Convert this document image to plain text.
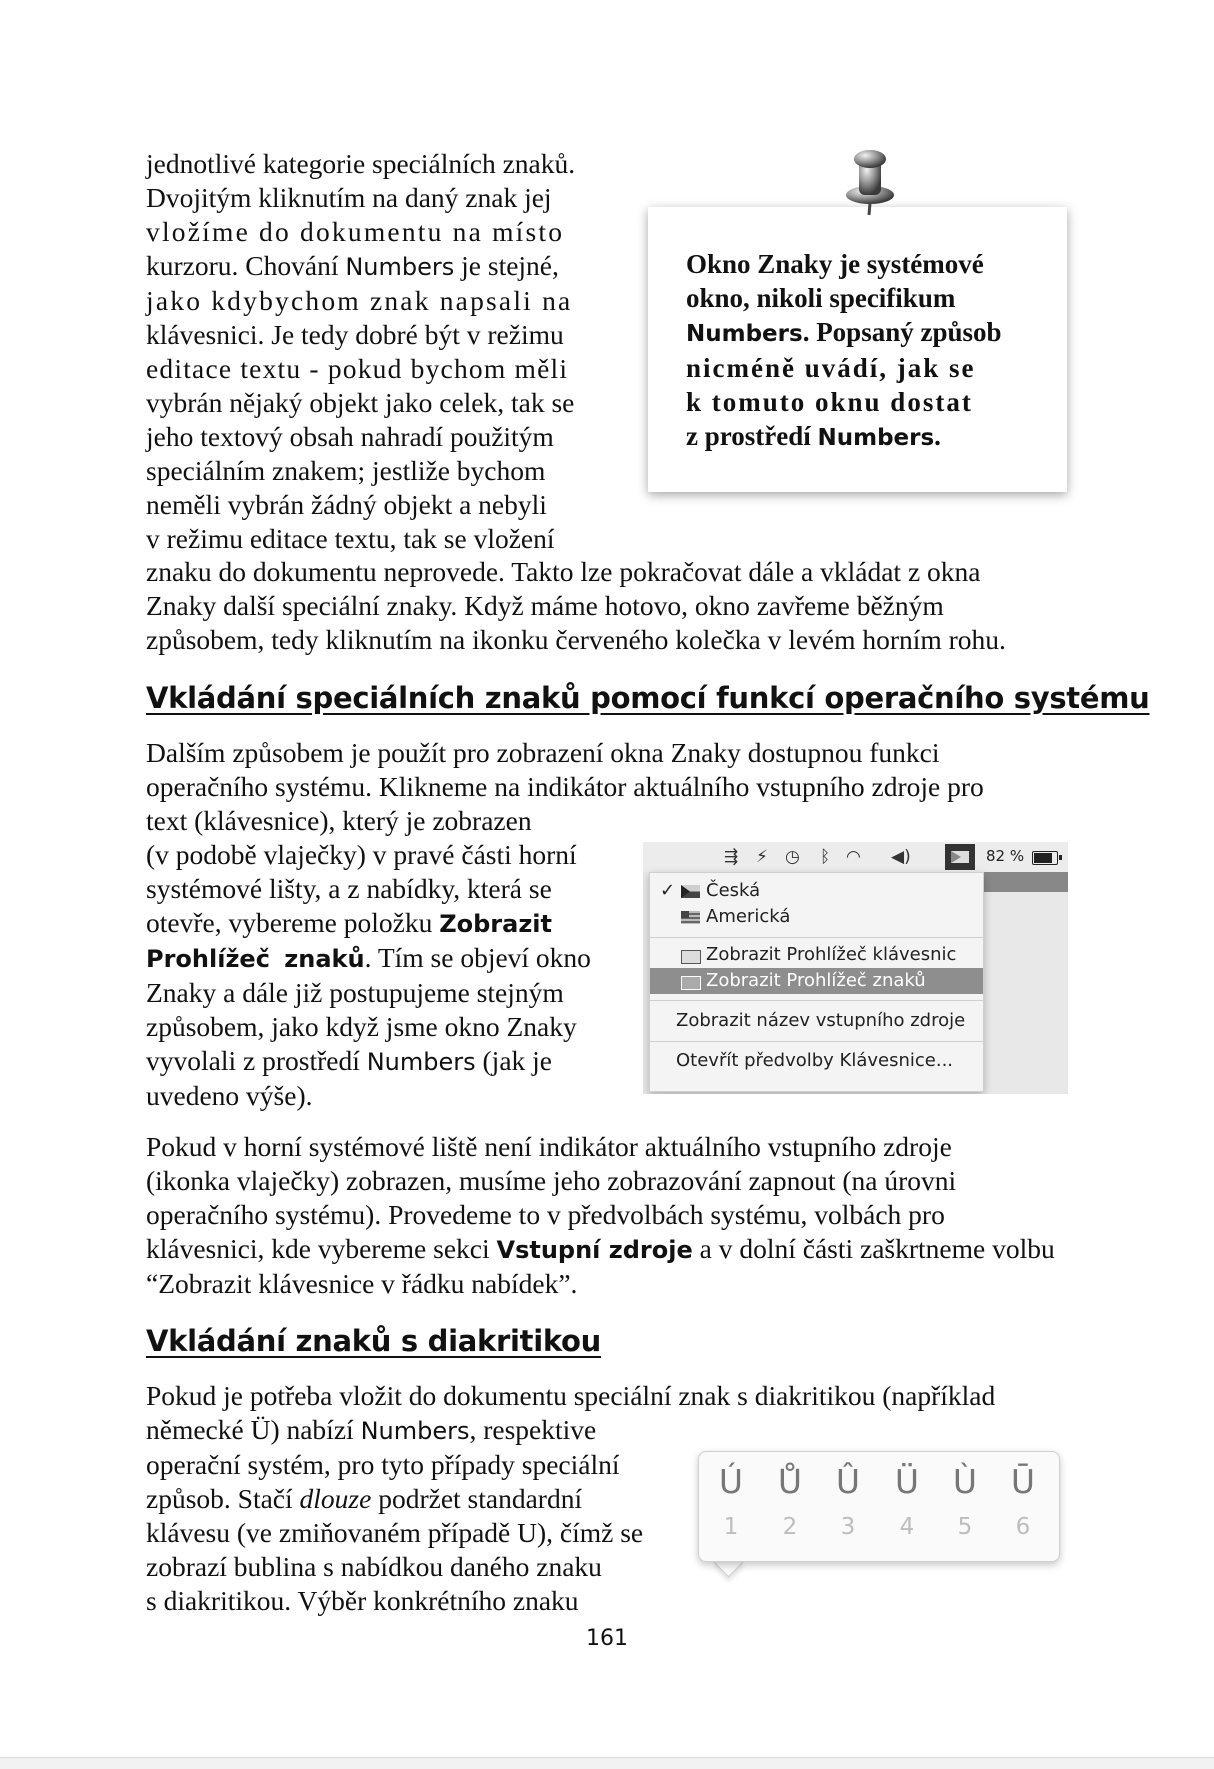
jednotlivé kategorie speciálních znaků.
Dvojitým kliknutím na daný znak jej
vložíme do dokumentu na místo
kurzoru. Chování Numbers je stejné,
jako kdybychom znak napsali na
klávesnici. Je tedy dobré být v režimu
editace textu - pokud bychom měli
vybrán nějaký objekt jako celek, tak se
jeho textový obsah nahradí použitým
speciálním znakem; jestliže bychom
neměli vybrán žádný objekt a nebyli
v režimu editace textu, tak se vložení

Okno Znaky je systémové
okno, nikoli specifikum
Numbers. Popsaný způsob
nicméně uvádí, jak se
k tomuto oknu dostat
z prostředí Numbers.

znaku do dokumentu neprovede. Takto lze pokračovat dále a vkládat z okna
Znaky další speciální znaky. Když máme hotovo, okno zavřeme běžným
způsobem, tedy kliknutím na ikonku červeného kolečka v levém horním rohu.
Vkládání speciálních znaků pomocí funkcí operačního systému
Dalším způsobem je použít pro zobrazení okna Znaky dostupnou funkci
operačního systému. Klikneme na indikátor aktuálního vstupního zdroje pro
text (klávesnice), který je zobrazen
(v podobě vlaječky) v pravé části horní
systémové lišty, a z nabídky, která se
otevře, vybereme položku Zobrazit
Prohlížeč znaků. Tím se objeví okno
Znaky a dále již postupujeme stejným
způsobem, jako když jsme okno Znaky
vyvolali z prostředí Numbers (jak je
uvedeno výše).
⇶ ⚡ ◷ ᛒ ◠ ◀)	82 %
✓ Česká
Americká
Zobrazit Prohlížeč klávesnic
Zobrazit Prohlížeč znaků
Zobrazit název vstupního zdroje
Otevřít předvolby Klávesnice...
Pokud v horní systémové liště není indikátor aktuálního vstupního zdroje
(ikonka vlaječky) zobrazen, musíme jeho zobrazování zapnout (na úrovni
operačního systému). Provedeme to v předvolbách systému, volbách pro
klávesnici, kde vybereme sekci Vstupní zdroje a v dolní části zaškrtneme volbu
“Zobrazit klávesnice v řádku nabídek”.
Vkládání znaků s diakritikou
Pokud je potřeba vložit do dokumentu speciální znak s diakritikou (například
německé Ü) nabízí Numbers, respektive
operační systém, pro tyto případy speciální
způsob. Stačí dlouze podržet standardní
klávesu (ve zmiňovaném případě U), čímž se
zobrazí bublina s nabídkou daného znaku
s diakritikou. Výběr konkrétního znaku
Ú
1
Ů
2
Û
3
Ü
4
Ù
5
Ū
6

161
